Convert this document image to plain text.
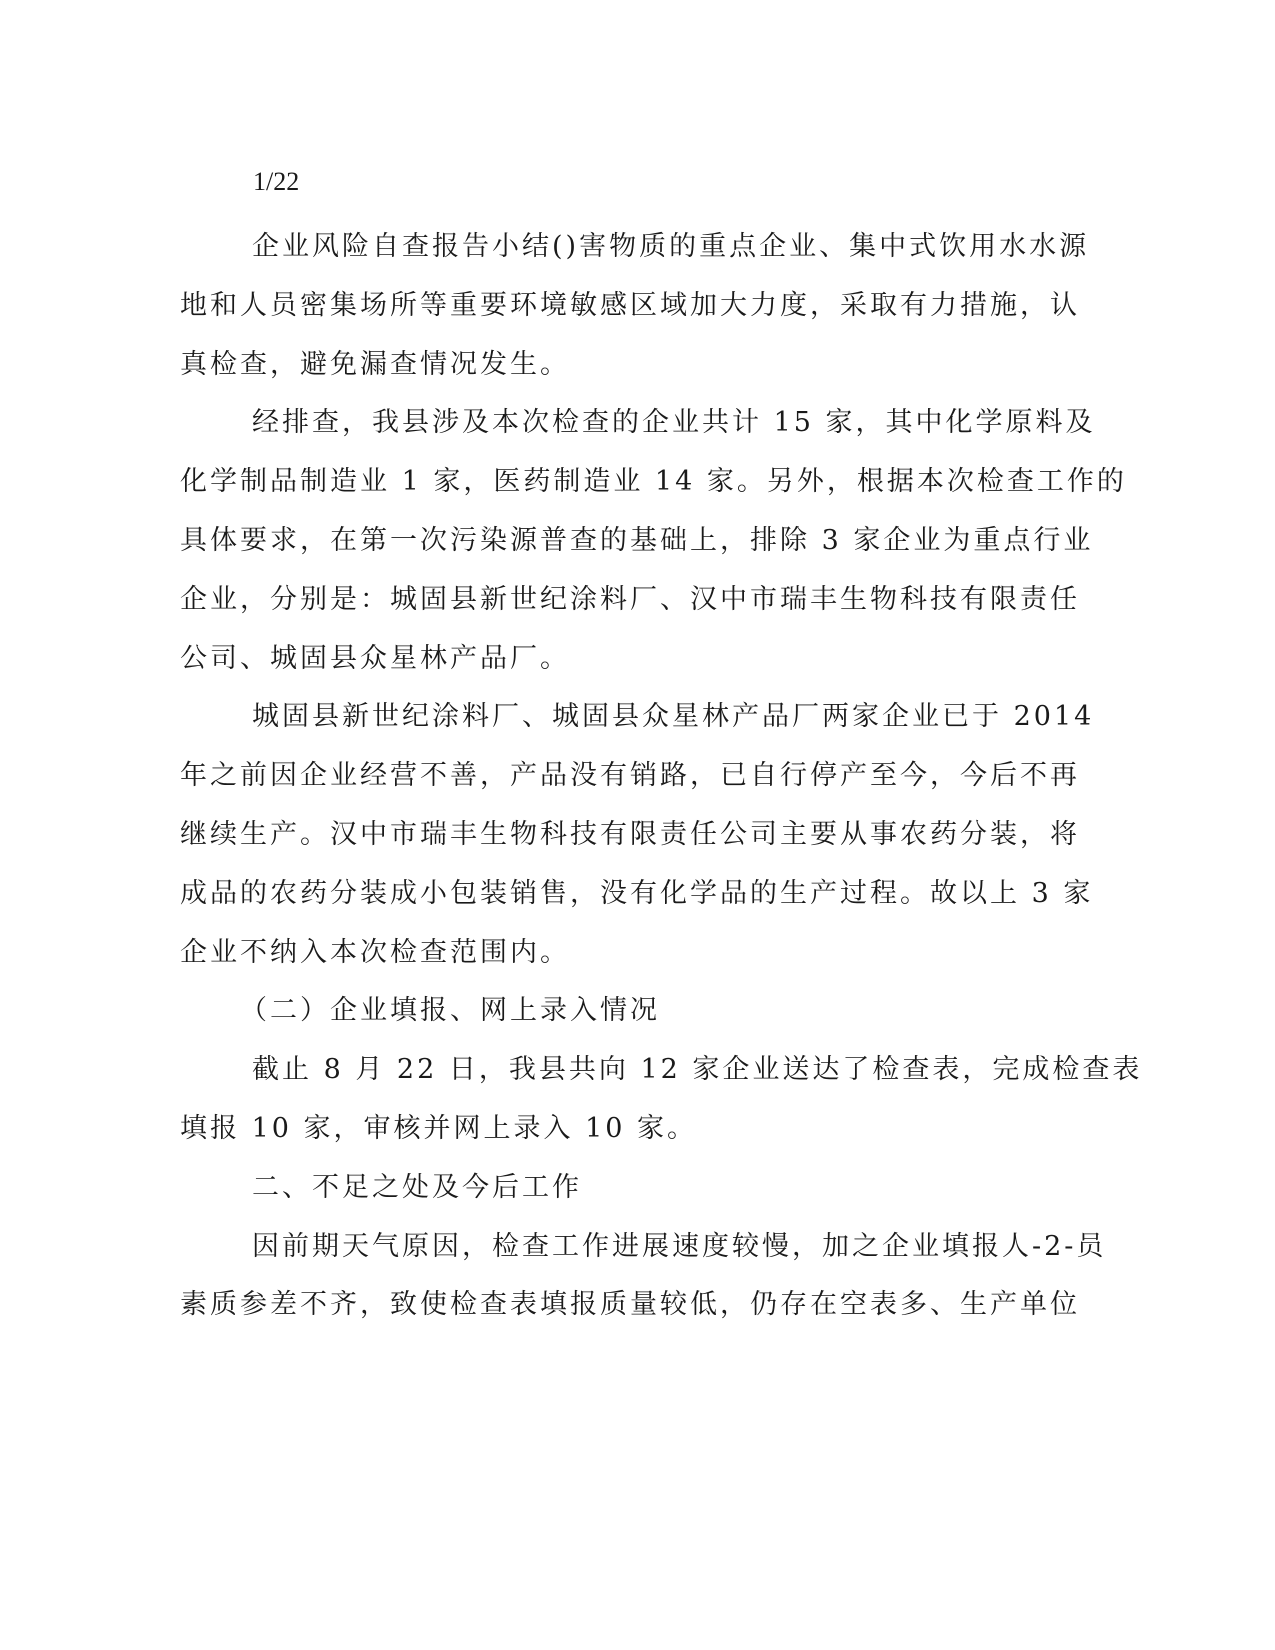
1/22

企业风险自查报告小结()害物质的重点企业、集中式饮用水水源
地和人员密集场所等重要环境敏感区域加大力度，采取有力措施，认
真检查，避免漏查情况发生。

经排查，我县涉及本次检查的企业共计 15 家，其中化学原料及
化学制品制造业 1 家，医药制造业 14 家。另外，根据本次检查工作的
具体要求，在第一次污染源普查的基础上，排除 3 家企业为重点行业
企业，分别是：城固县新世纪涂料厂、汉中市瑞丰生物科技有限责任
公司、城固县众星林产品厂。

城固县新世纪涂料厂、城固县众星林产品厂两家企业已于 2014
年之前因企业经营不善，产品没有销路，已自行停产至今，今后不再
继续生产。汉中市瑞丰生物科技有限责任公司主要从事农药分装，将
成品的农药分装成小包装销售，没有化学品的生产过程。故以上 3 家
企业不纳入本次检查范围内。

（二）企业填报、网上录入情况

截止 8 月 22 日，我县共向 12 家企业送达了检查表，完成检查表
填报 10 家，审核并网上录入 10 家。

二、不足之处及今后工作

因前期天气原因，检查工作进展速度较慢，加之企业填报人-2-员
素质参差不齐，致使检查表填报质量较低，仍存在空表多、生产单位
